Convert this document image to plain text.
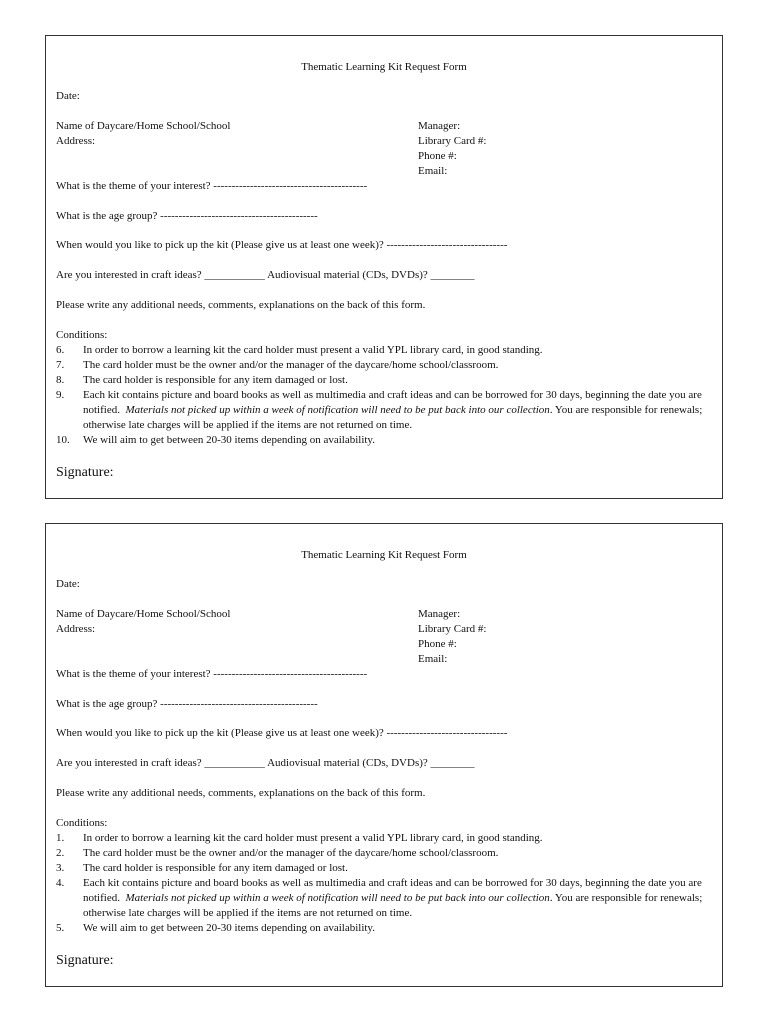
Thematic Learning Kit Request Form
Date:
Name of Daycare/Home School/School
Address:
Manager:
Library Card #:
Phone #:
Email:
What is the theme of your interest? ------------------------------------------
What is the age group? -------------------------------------------
When would you like to pick up the kit (Please give us at least one week)? ---------------------------------
Are you interested in craft ideas? ___________ Audiovisual material (CDs, DVDs)? ________
Please write any additional needs, comments, explanations on the back of this form.
Conditions:
6. In order to borrow a learning kit the card holder must present a valid YPL library card, in good standing.
7. The card holder must be the owner and/or the manager of the daycare/home school/classroom.
8. The card holder is responsible for any item damaged or lost.
9. Each kit contains picture and board books as well as multimedia and craft ideas and can be borrowed for 30 days, beginning the date you are notified. Materials not picked up within a week of notification will need to be put back into our collection. You are responsible for renewals; otherwise late charges will be applied if the items are not returned on time.
10. We will aim to get between 20-30 items depending on availability.
Signature:
Thematic Learning Kit Request Form
Date:
Name of Daycare/Home School/School
Address:
Manager:
Library Card #:
Phone #:
Email:
What is the theme of your interest? ------------------------------------------
What is the age group? -------------------------------------------
When would you like to pick up the kit (Please give us at least one week)? ---------------------------------
Are you interested in craft ideas? ___________ Audiovisual material (CDs, DVDs)? ________
Please write any additional needs, comments, explanations on the back of this form.
Conditions:
1. In order to borrow a learning kit the card holder must present a valid YPL library card, in good standing.
2. The card holder must be the owner and/or the manager of the daycare/home school/classroom.
3. The card holder is responsible for any item damaged or lost.
4. Each kit contains picture and board books as well as multimedia and craft ideas and can be borrowed for 30 days, beginning the date you are notified. Materials not picked up within a week of notification will need to be put back into our collection. You are responsible for renewals; otherwise late charges will be applied if the items are not returned on time.
5. We will aim to get between 20-30 items depending on availability.
Signature:
